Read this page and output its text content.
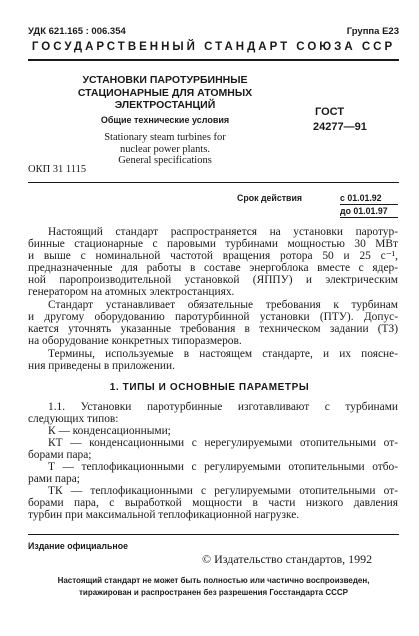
УДК 621.165 : 006.354	Группа Е23
ГОСУДАРСТВЕННЫЙ СТАНДАРТ СОЮЗА ССР
УСТАНОВКИ ПАРОТУРБИННЫЕ
СТАЦИОНАРНЫЕ ДЛЯ АТОМНЫХ
ЭЛЕКТРОСТАНЦИЙ
Общие технические условия
Stationary steam turbines for
nuclear power plants.
General specifications
ГОСТ
24277—91
ОКП 31 1115
Срок действия	с 01.01.92
до 01.01.97
Настоящий стандарт распространяется на установки паротур-
бинные стационарные с паровыми турбинами мощностью 30 МВт
и выше с номинальной частотой вращения ротора 50 и 25 с⁻¹,
предназначенные для работы в составе энергоблока вместе с ядер-
ной паропроизводительной установкой (ЯППУ) и электрическим
генератором на атомных электростанциях.
Стандарт устанавливает обязательные требования к турбинам
и другому оборудованию паротурбинной установки (ПТУ). Допус-
кается уточнять указанные требования в техническом задании (ТЗ)
на оборудование конкретных типоразмеров.
Термины, используемые в настоящем стандарте, и их поясне-
ния приведены в приложении.
1. ТИПЫ И ОСНОВНЫЕ ПАРАМЕТРЫ
1.1. Установки паротурбинные изготавливают с турбинами
следующих типов:
К — конденсационными;
КТ — конденсационными с нерегулируемыми отопительными от-
борами пара;
Т — теплофикационными с регулируемыми отопительными отбо-
рами пара;
ТК — теплофикационными с регулируемыми отопительными от-
борами пара, с выработкой мощности в части низкого давления
турбин при максимальной теплофикационной нагрузке.
Издание официальное
© Издательство стандартов, 1992
Настоящий стандарт не может быть полностью или частично воспроизведен,
тиражирован и распространен без разрешения Госстандарта СССР
